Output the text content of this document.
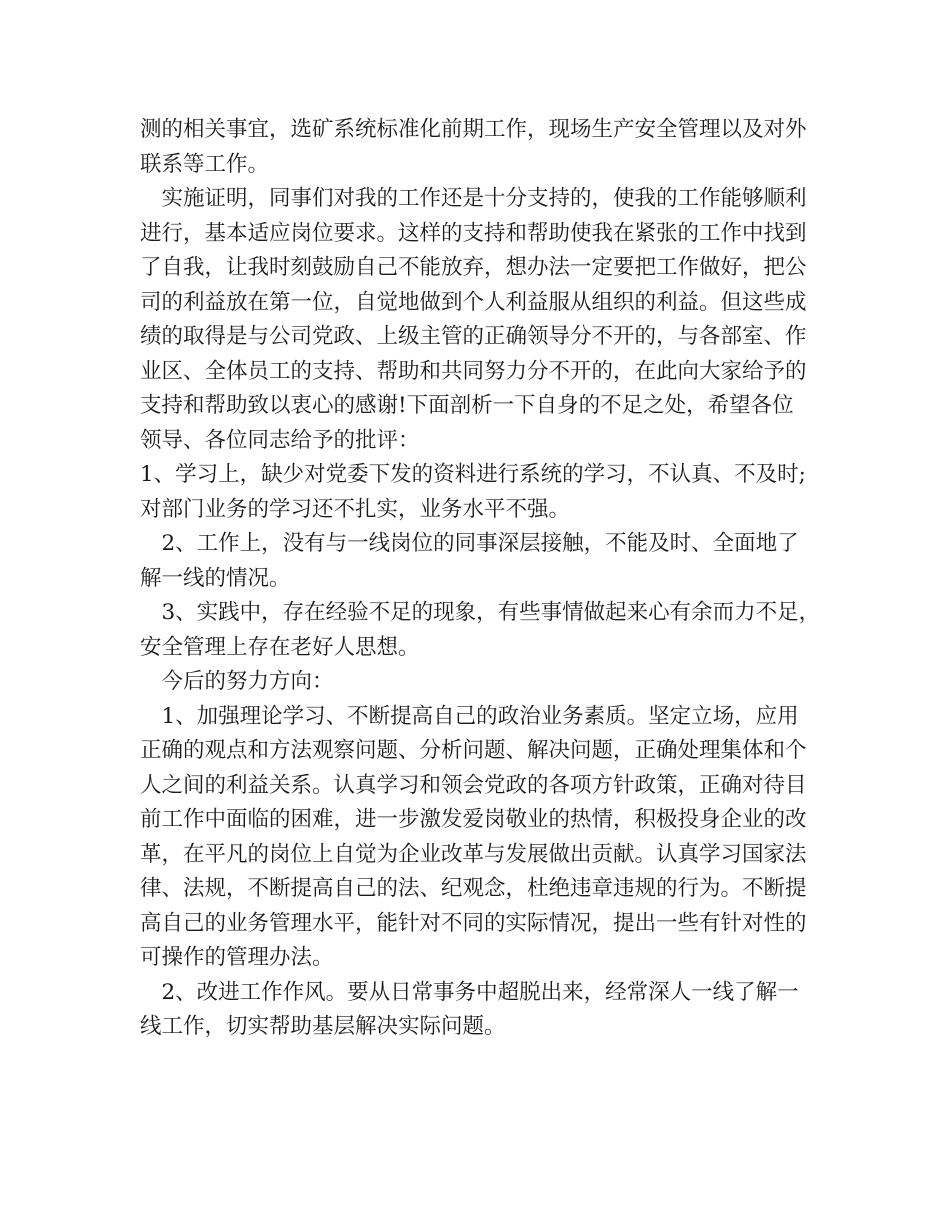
测的相关事宜，选矿系统标准化前期工作，现场生产安全管理以及对外
联系等工作。
　实施证明，同事们对我的工作还是十分支持的，使我的工作能够顺利
进行，基本适应岗位要求。这样的支持和帮助使我在紧张的工作中找到
了自我，让我时刻鼓励自己不能放弃，想办法一定要把工作做好，把公
司的利益放在第一位，自觉地做到个人利益服从组织的利益。但这些成
绩的取得是与公司党政、上级主管的正确领导分不开的，与各部室、作
业区、全体员工的支持、帮助和共同努力分不开的，在此向大家给予的
支持和帮助致以衷心的感谢!下面剖析一下自身的不足之处，希望各位
领导、各位同志给予的批评：
1、学习上，缺少对党委下发的资料进行系统的学习，不认真、不及时;
对部门业务的学习还不扎实，业务水平不强。
　2、工作上，没有与一线岗位的同事深层接触，不能及时、全面地了
解一线的情况。
　3、实践中，存在经验不足的现象，有些事情做起来心有余而力不足，
安全管理上存在老好人思想。
　今后的努力方向：
　1、加强理论学习、不断提高自己的政治业务素质。坚定立场，应用
正确的观点和方法观察问题、分析问题、解决问题，正确处理集体和个
人之间的利益关系。认真学习和领会党政的各项方针政策，正确对待目
前工作中面临的困难，进一步激发爱岗敬业的热情，积极投身企业的改
革，在平凡的岗位上自觉为企业改革与发展做出贡献。认真学习国家法
律、法规，不断提高自己的法、纪观念，杜绝违章违规的行为。不断提
高自己的业务管理水平，能针对不同的实际情况，提出一些有针对性的
可操作的管理办法。
　2、改进工作作风。要从日常事务中超脱出来，经常深人一线了解一
线工作，切实帮助基层解决实际问题。
